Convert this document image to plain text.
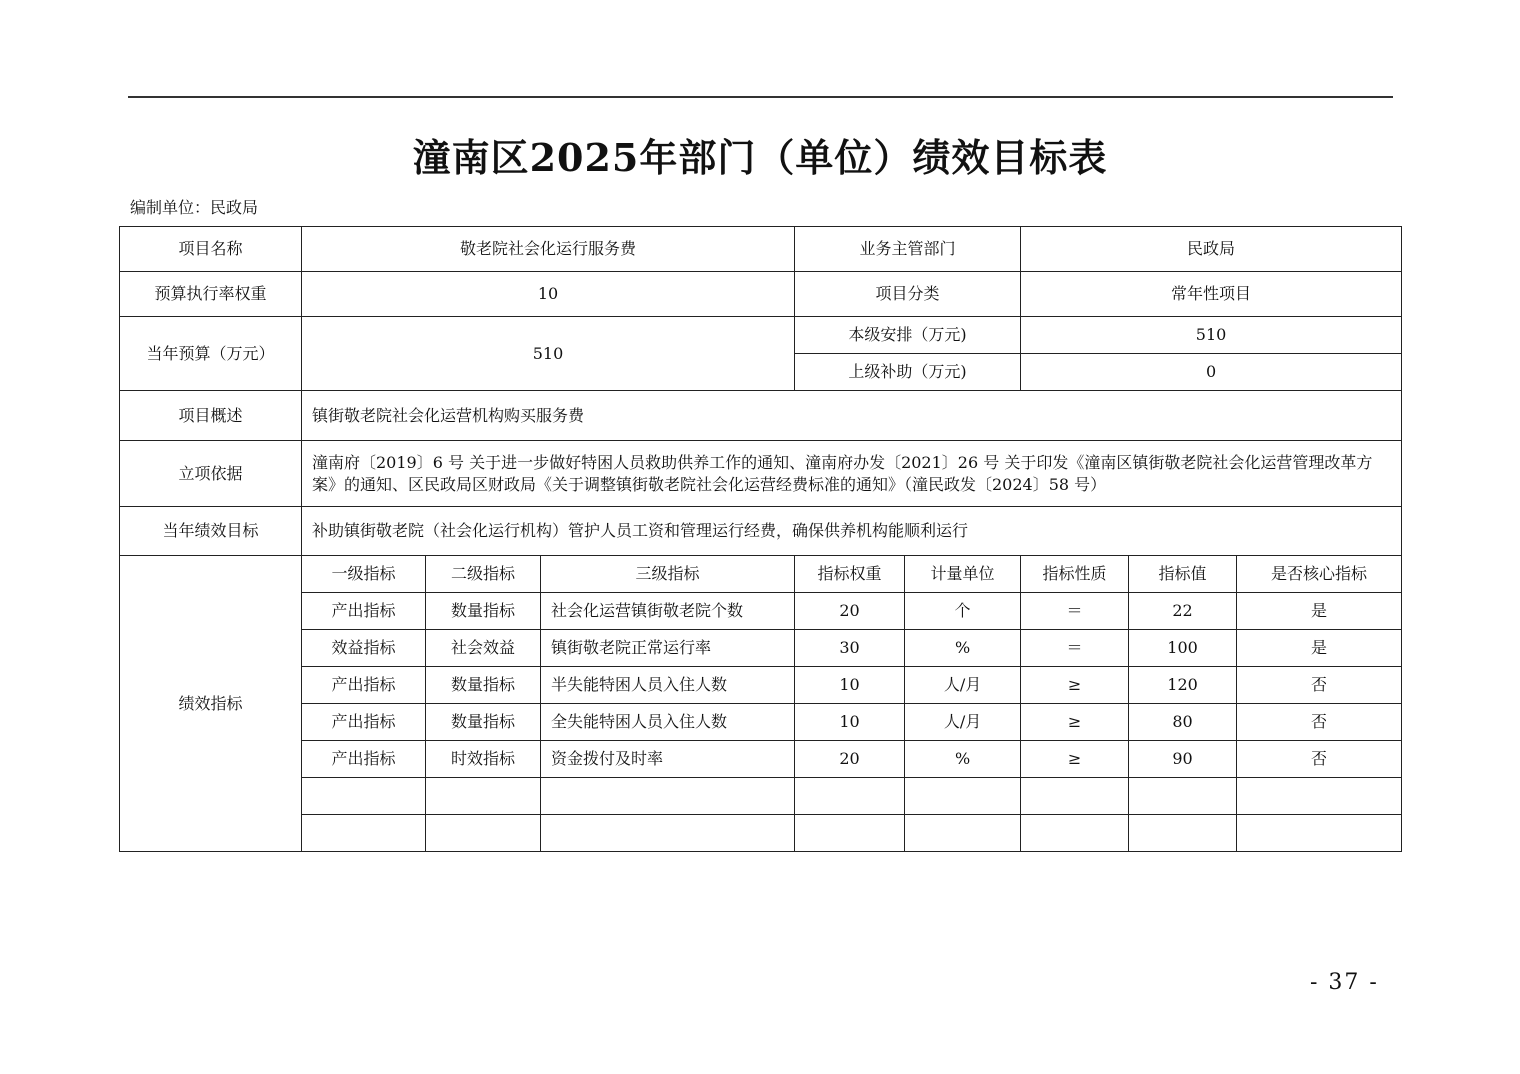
潼南区2025年部门（单位）绩效目标表
编制单位：民政局
项目名称	敬老院社会化运行服务费			业务主管部门		民政局		
预算执行率权重	10			项目分类		常年性项目		
当年预算（万元）	510			本级安排（万元)		510		
				上级补助（万元)		0		
项目概述	镇街敬老院社会化运营机构购买服务费							
立项依据	潼南府〔2019〕6 号 关于进一步做好特困人员救助供养工作的通知、潼南府办发〔2021〕26 号 关于印发《潼南区镇街敬老院社会化运营管理改革方案》的通知、区民政局区财政局《关于调整镇街敬老院社会化运营经费标准的通知》（潼民政发〔2024〕58 号）							
当年绩效目标	补助镇街敬老院（社会化运行机构）管护人员工资和管理运行经费，确保供养机构能顺利运行							
绩效指标	一级指标	二级指标	三级指标	指标权重	计量单位	指标性质	指标值	是否核心指标
	产出指标	数量指标	社会化运营镇街敬老院个数	20	个	＝	22	是
	效益指标	社会效益	镇街敬老院正常运行率	30	%	＝	100	是
	产出指标	数量指标	半失能特困人员入住人数	10	人/月	≥	120	否
	产出指标	数量指标	全失能特困人员入住人数	10	人/月	≥	80	否
	产出指标	时效指标	资金拨付及时率	20	%	≥	90	否

- 37 -
